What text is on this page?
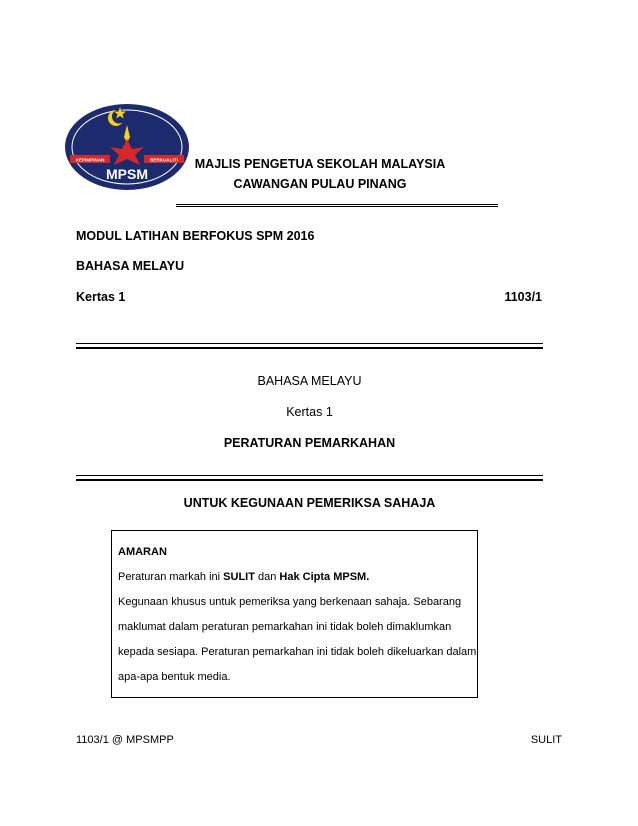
KEPIMPINAN	BERKUALITI
MPSM
MAJLIS PENGETUA SEKOLAH MALAYSIA
CAWANGAN PULAU PINANG
MODUL LATIHAN BERFOKUS SPM 2016
BAHASA MELAYU
Kertas 1	1103/1
BAHASA MELAYU
Kertas 1
PERATURAN PEMARKAHAN
UNTUK KEGUNAAN PEMERIKSA SAHAJA

AMARAN

Peraturan markah ini SULIT dan Hak Cipta MPSM.

Kegunaan khusus untuk pemeriksa yang berkenaan sahaja. Sebarang

maklumat dalam peraturan pemarkahan ini tidak boleh dimaklumkan

kepada sesiapa. Peraturan pemarkahan ini tidak boleh dikeluarkan dalam

apa-apa bentuk media.

1103/1 @ MPSMPP	SULIT
